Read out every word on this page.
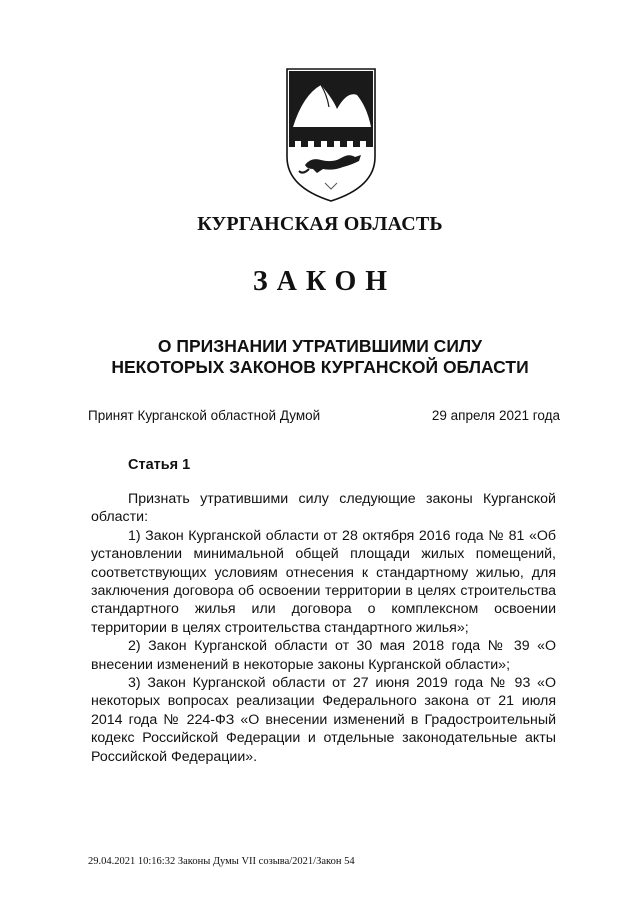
КУРГАНСКАЯ ОБЛАСТЬ
ЗАКОН
О ПРИЗНАНИИ УТРАТИВШИМИ СИЛУ
НЕКОТОРЫХ ЗАКОНОВ КУРГАНСКОЙ ОБЛАСТИ
Принят Курганской областной Думой	29 апреля 2021 года
Статья 1

Признать утратившими силу следующие законы Курганской области:

1) Закон Курганской области от 28 октября 2016 года № 81 «Об установлении минимальной общей площади жилых помещений, соответствующих условиям отнесения к стандартному жилью, для заключения договора об освоении территории в целях строительства стандартного жилья или договора о комплексном освоении территории в целях строительства стандартного жилья»;

2) Закон Курганской области от 30 мая 2018 года № 39 «О внесении изменений в некоторые законы Курганской области»;

3) Закон Курганской области от 27 июня 2019 года № 93 «О некоторых вопросах реализации Федерального закона от 21 июля 2014 года № 224-ФЗ «О внесении изменений в Градостроительный кодекс Российской Федерации и отдельные законодательные акты Российской Федерации».

29.04.2021 10:16:32 Законы Думы VII созыва/2021/Закон 54
